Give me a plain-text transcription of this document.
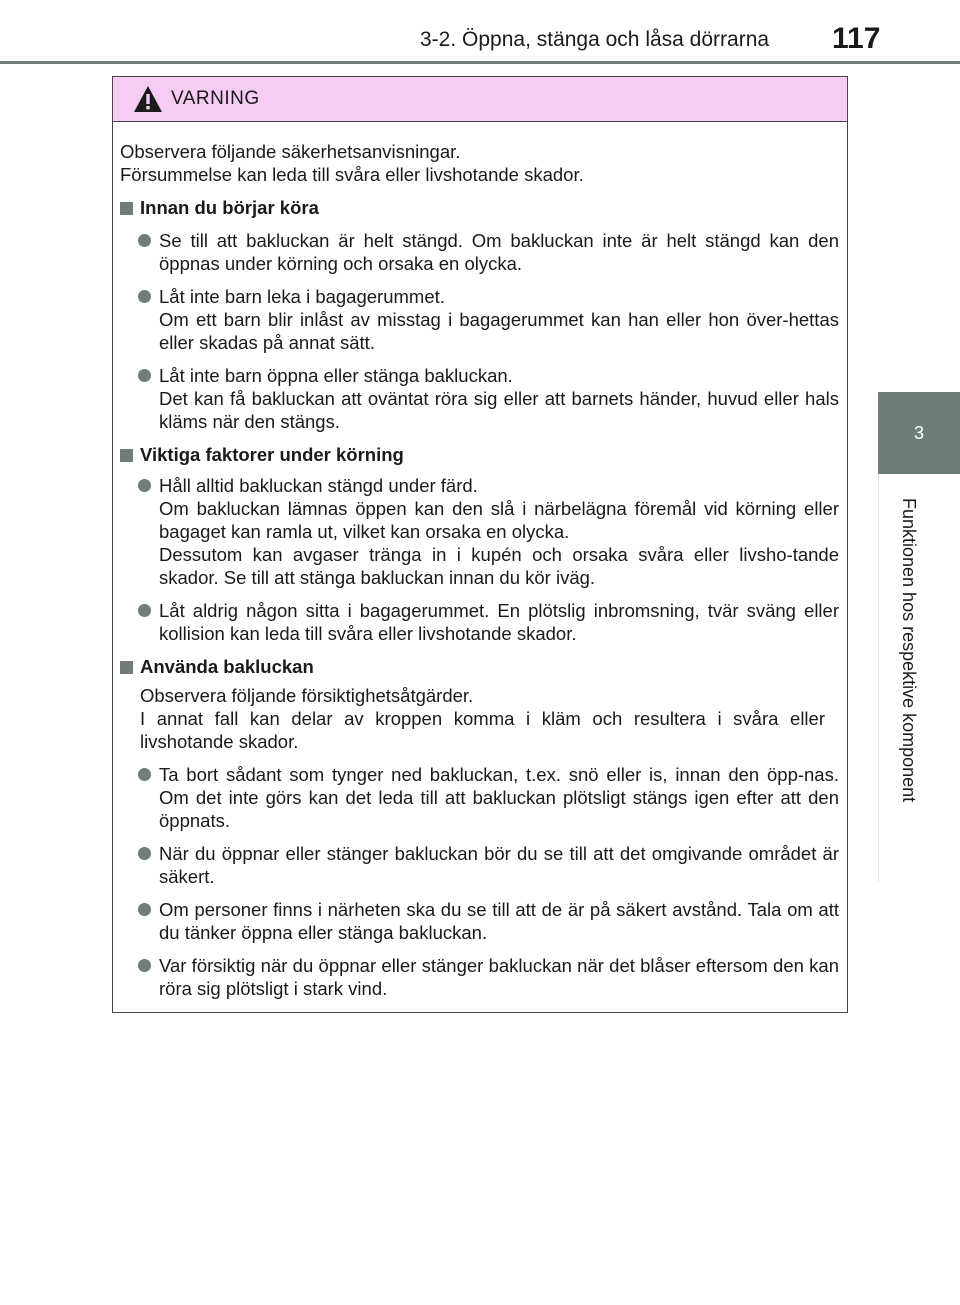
3-2. Öppna, stänga och låsa dörrarna 117
3
Funktionen hos respektive komponent
VARNING

Observera följande säkerhetsanvisningar.

Försummelse kan leda till svåra eller livshotande skador.

Innan du börjar köra
Se till att bakluckan är helt stängd. Om bakluckan inte är helt stängd kan den öppnas under körning och orsaka en olycka.
Låt inte barn leka i bagagerummet.
Om ett barn blir inlåst av misstag i bagagerummet kan han eller hon över-hettas eller skadas på annat sätt.
Låt inte barn öppna eller stänga bakluckan.
Det kan få bakluckan att oväntat röra sig eller att barnets händer, huvud eller hals kläms när den stängs.
Viktiga faktorer under körning
Håll alltid bakluckan stängd under färd.
Om bakluckan lämnas öppen kan den slå i närbelägna föremål vid körning eller bagaget kan ramla ut, vilket kan orsaka en olycka.
Dessutom kan avgaser tränga in i kupén och orsaka svåra eller livsho-tande skador. Se till att stänga bakluckan innan du kör iväg.
Låt aldrig någon sitta i bagagerummet. En plötslig inbromsning, tvär sväng eller kollision kan leda till svåra eller livshotande skador.
Använda bakluckan

Observera följande försiktighetsåtgärder.

I annat fall kan delar av kroppen komma i kläm och resultera i svåra eller livshotande skador.

Ta bort sådant som tynger ned bakluckan, t.ex. snö eller is, innan den öpp-nas. Om det inte görs kan det leda till att bakluckan plötsligt stängs igen efter att den öppnats.
När du öppnar eller stänger bakluckan bör du se till att det omgivande området är säkert.
Om personer finns i närheten ska du se till att de är på säkert avstånd. Tala om att du tänker öppna eller stänga bakluckan.
Var försiktig när du öppnar eller stänger bakluckan när det blåser eftersom den kan röra sig plötsligt i stark vind.
